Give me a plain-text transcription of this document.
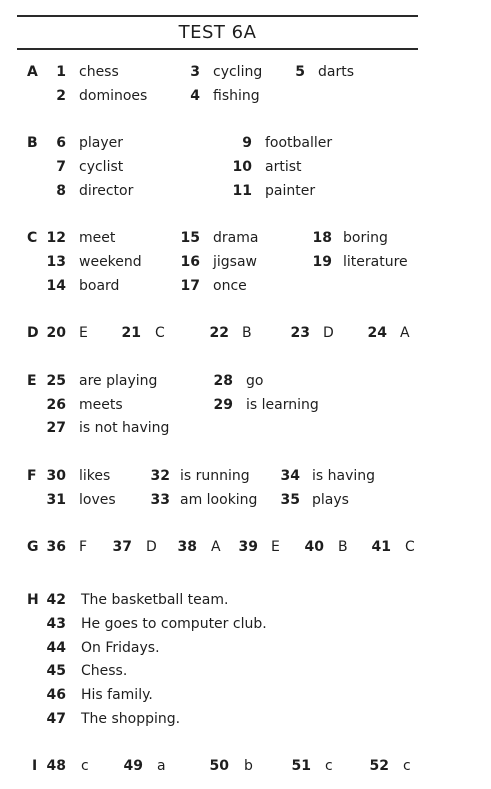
TEST 6A
A	1 chess	3 cycling	5 darts
2 dominoes	4 fishing
B	6 player	9 footballer
7 cyclist	10 artist
8 director	11 painter
C 12 meet	15 drama	18 boring
13 weekend	16 jigsaw	19 literature
14 board	17 once
D 20 E	21 C	22 B	23 D	24 A
E 25 are playing	28 go
26 meets	29 is learning
27 is not having
F 30 likes	32 is running	34 is having
31 loves	33 am looking	35 plays
G 36 F	37 D	38 A	39 E	40 B	41 C
H 42 The basketball team.
43 He goes to computer club.
44 On Fridays.
45 Chess.
46 His family.
47 The shopping.
I 48 c	49 a	50 b	51 c	52 c
